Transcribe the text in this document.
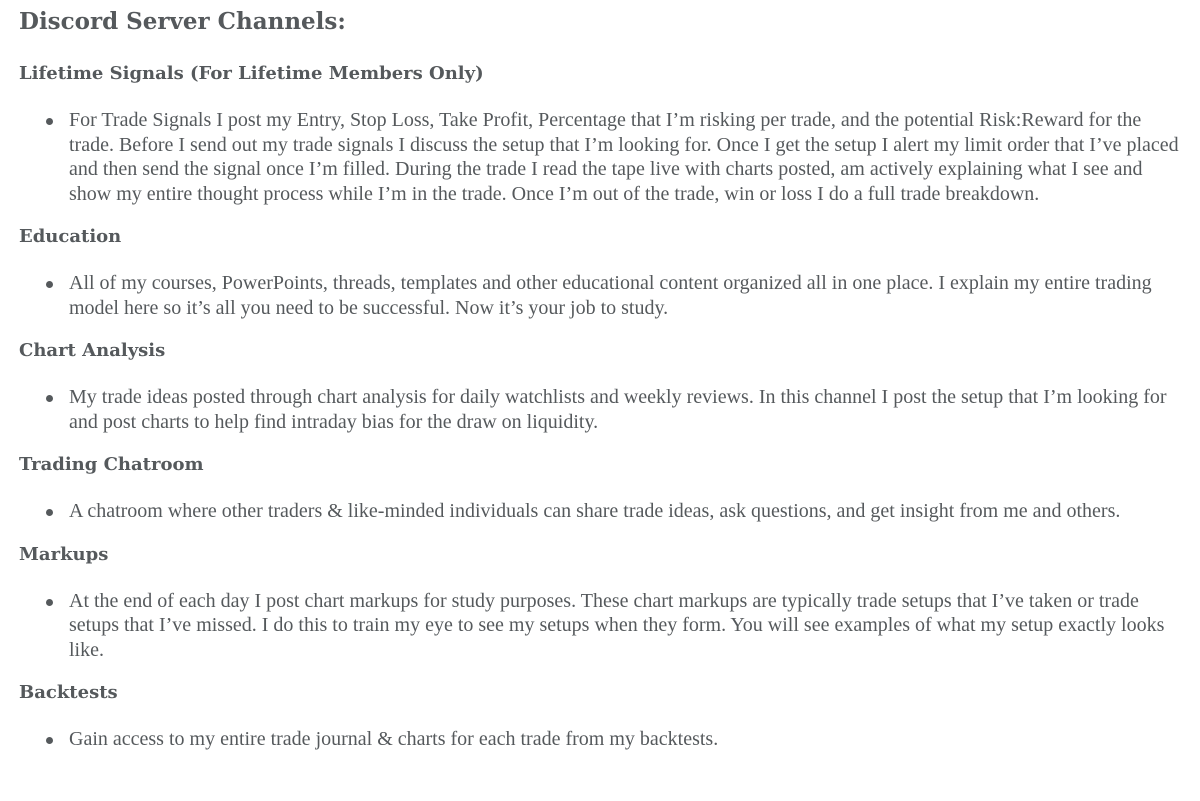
Discord Server Channels:
Lifetime Signals (For Lifetime Members Only)
For Trade Signals I post my Entry, Stop Loss, Take Profit, Percentage that I’m risking per trade, and the potential Risk:Reward for the trade. Before I send out my trade signals I discuss the setup that I’m looking for. Once I get the setup I alert my limit order that I’ve placed and then send the signal once I’m filled. During the trade I read the tape live with charts posted, am actively explaining what I see and show my entire thought process while I’m in the trade. Once I’m out of the trade, win or loss I do a full trade breakdown.
Education
All of my courses, PowerPoints, threads, templates and other educational content organized all in one place. I explain my entire trading model here so it’s all you need to be successful. Now it’s your job to study.
Chart Analysis
My trade ideas posted through chart analysis for daily watchlists and weekly reviews. In this channel I post the setup that I’m looking for and post charts to help find intraday bias for the draw on liquidity.
Trading Chatroom
A chatroom where other traders & like-minded individuals can share trade ideas, ask questions, and get insight from me and others.
Markups
At the end of each day I post chart markups for study purposes. These chart markups are typically trade setups that I’ve taken or trade setups that I’ve missed. I do this to train my eye to see my setups when they form. You will see examples of what my setup exactly looks like.
Backtests
Gain access to my entire trade journal & charts for each trade from my backtests.
